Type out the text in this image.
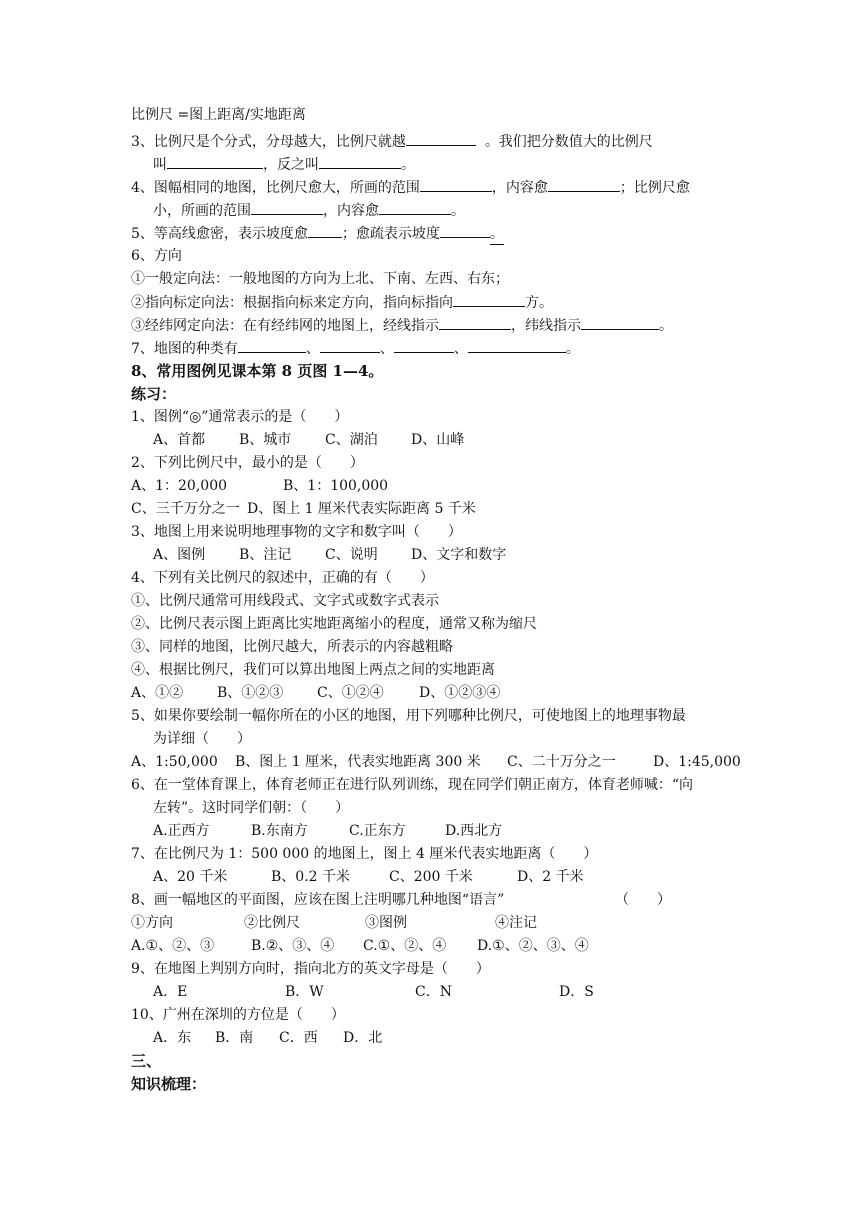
比例尺 =图上距离/实地距离
3、比例尺是个分式，分母越大，比例尺就越	。我们把分数值大的比例尺
叫	，反之叫	。
4、图幅相同的地图，比例尺愈大，所画的范围	，内容愈	；比例尺愈
小，所画的范围	，内容愈	。
5、等高线愈密，表示坡度愈 ；愈疏表示坡度	。
6、方向
①一般定向法：一般地图的方向为上北、下南、左西、右东；
②指向标定向法：根据指向标来定方向，指向标指向	方。
③经纬网定向法：在有经纬网的地图上，经线指示	，纬线指示	。
7、地图的种类有	、	、	、	。
8、常用图例见课本第 8 页图 1—4。
练习：
1、图例“◎”通常表示的是（　　）
A、首都 B、城市 C、湖泊 D、山峰
2、下列比例尺中，最小的是（　　）
A、1：20,000	B、1：100,000
C、三千万分之一 D、图上 1 厘米代表实际距离 5 千米
3、地图上用来说明地理事物的文字和数字叫（　　）
A、图例 B、注记 C、说明 D、文字和数字
4、下列有关比例尺的叙述中，正确的有（　　）
①、比例尺通常可用线段式、文字式或数字式表示
②、比例尺表示图上距离比实地距离缩小的程度，通常又称为缩尺
③、同样的地图，比例尺越大，所表示的内容越粗略
④、根据比例尺，我们可以算出地图上两点之间的实地距离
A、①② B、①②③ C、①②④	D、①②③④
5、如果你要绘制一幅你所在的小区的地图，用下列哪种比例尺，可使地图上的地理事物最
为详细（　　）
A、1:50,000 B、图上 1 厘米，代表实地距离 300 米 C、二十万分之一	D、1:45,000
6、在一堂体育课上，体育老师正在进行队列训练，现在同学们朝正南方，体育老师喊：“向
左转”。这时同学们朝：（　　）
A.正西方	B.东南方	C.正东方	D.西北方
7、在比例尺为 1：500 000 的地图上，图上 4 厘米代表实地距离（　　）
A、20 千米	B、0.2 千米	C、200 千米	D、2 千米
8、画一幅地区的平面图，应该在图上注明哪几种地图“语言”	（　　）
①方向	②比例尺	③图例	④注记
A.①、②、③	B.②、③、④ C.①、②、④ D.①、②、③、④
9、在地图上判别方向时，指向北方的英文字母是（　　）
A．E	B．W	C．N	D．S
10、广州在深圳的方位是（　　）
A．东 B．南 C．西 D．北
三、
知识梳理：
